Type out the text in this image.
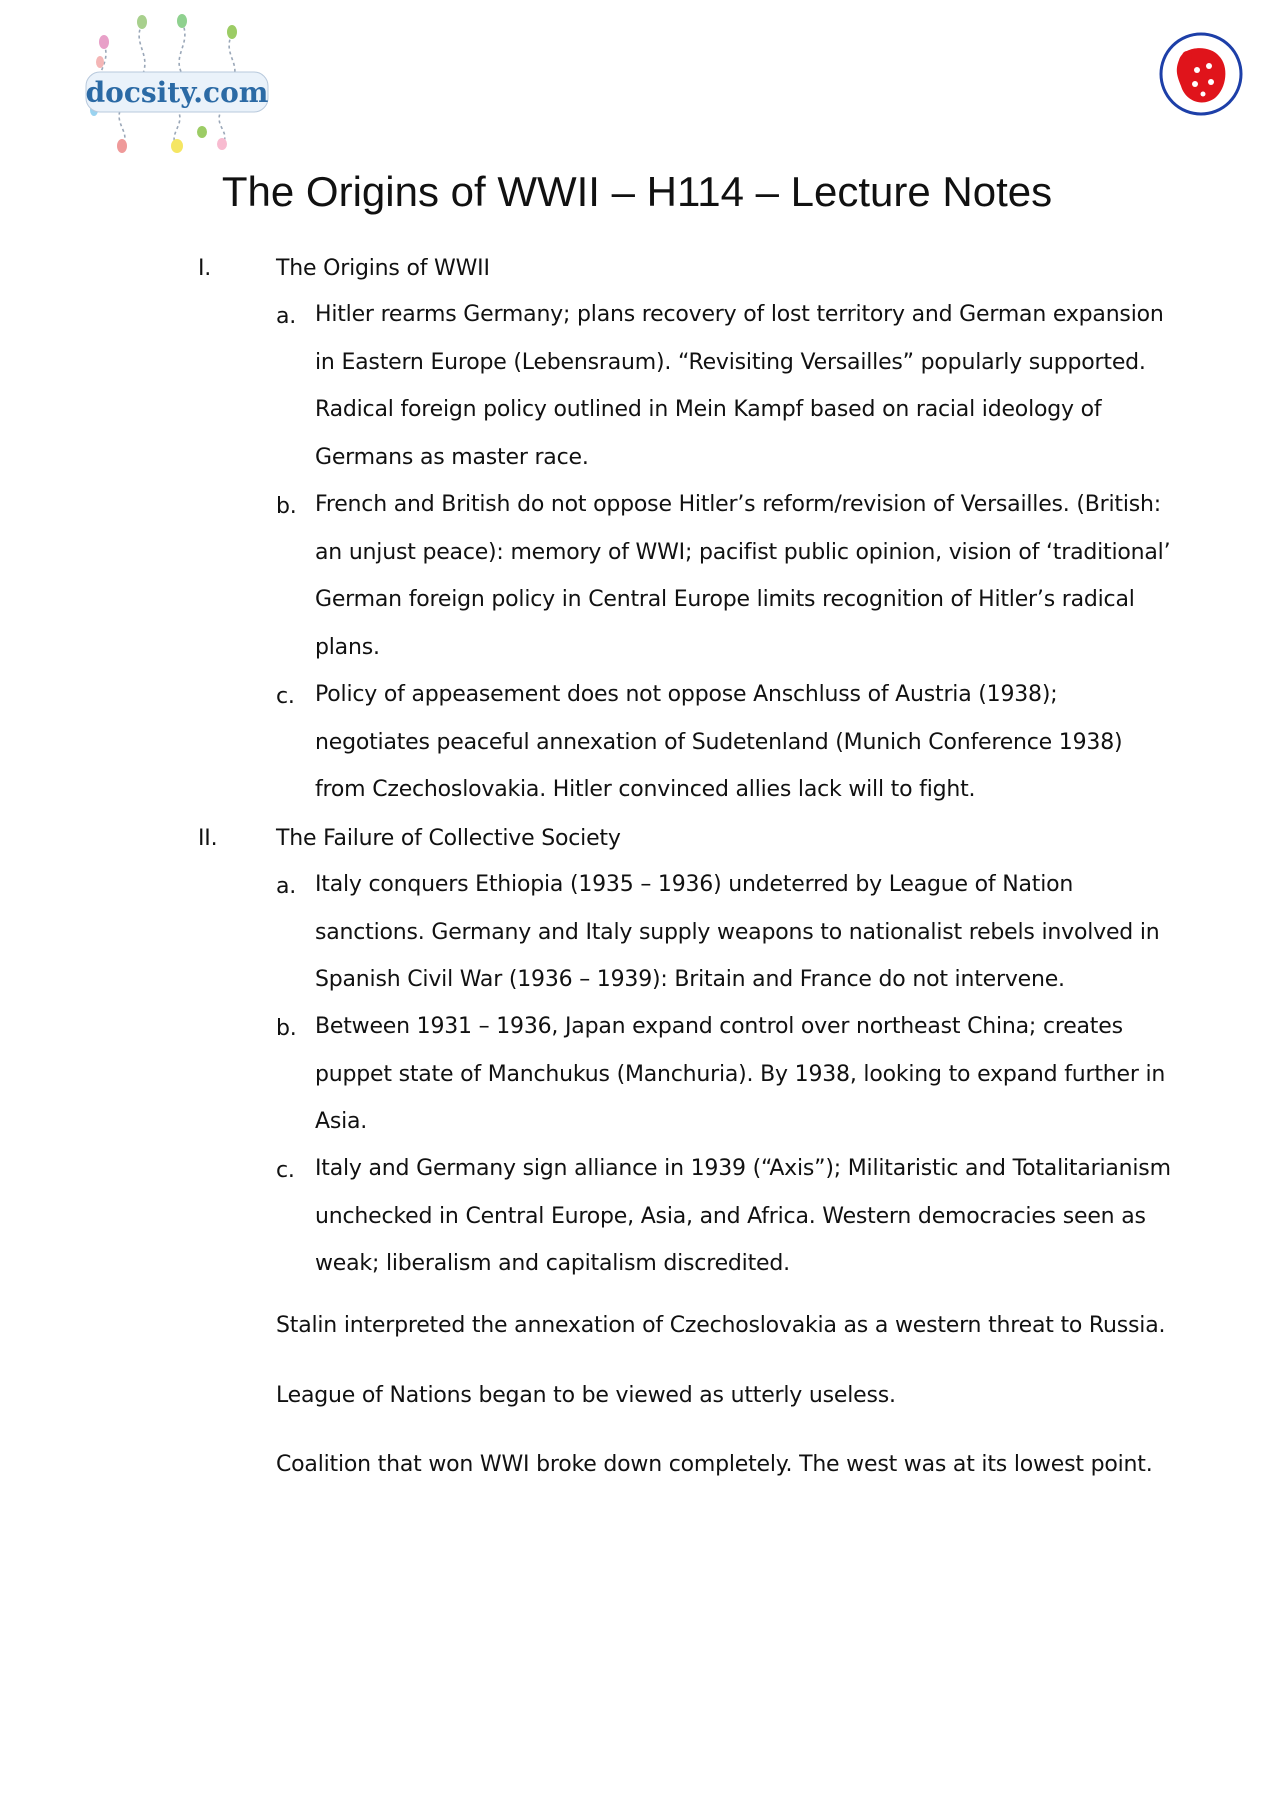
docsity.com
The Origins of WWII – H114 – Lecture Notes
I.	The Origins of WWII
a. Hitler rearms Germany; plans recovery of lost territory and German expansion in Eastern Europe (Lebensraum). “Revisiting Versailles” popularly supported. Radical foreign policy outlined in Mein Kampf based on racial ideology of Germans as master race.
b. French and British do not oppose Hitler’s reform/revision of Versailles. (British: an unjust peace): memory of WWI; pacifist public opinion, vision of ‘traditional’ German foreign policy in Central Europe limits recognition of Hitler’s radical plans.
c. Policy of appeasement does not oppose Anschluss of Austria (1938); negotiates peaceful annexation of Sudetenland (Munich Conference 1938) from Czechoslovakia. Hitler convinced allies lack will to fight.
II.	The Failure of Collective Society
a. Italy conquers Ethiopia (1935 – 1936) undeterred by League of Nation sanctions. Germany and Italy supply weapons to nationalist rebels involved in Spanish Civil War (1936 – 1939): Britain and France do not intervene.
b. Between 1931 – 1936, Japan expand control over northeast China; creates puppet state of Manchukus (Manchuria). By 1938, looking to expand further in Asia.
c. Italy and Germany sign alliance in 1939 (“Axis”); Militaristic and Totalitarianism unchecked in Central Europe, Asia, and Africa. Western democracies seen as weak; liberalism and capitalism discredited.
Stalin interpreted the annexation of Czechoslovakia as a western threat to Russia.
League of Nations began to be viewed as utterly useless.
Coalition that won WWI broke down completely. The west was at its lowest point.
